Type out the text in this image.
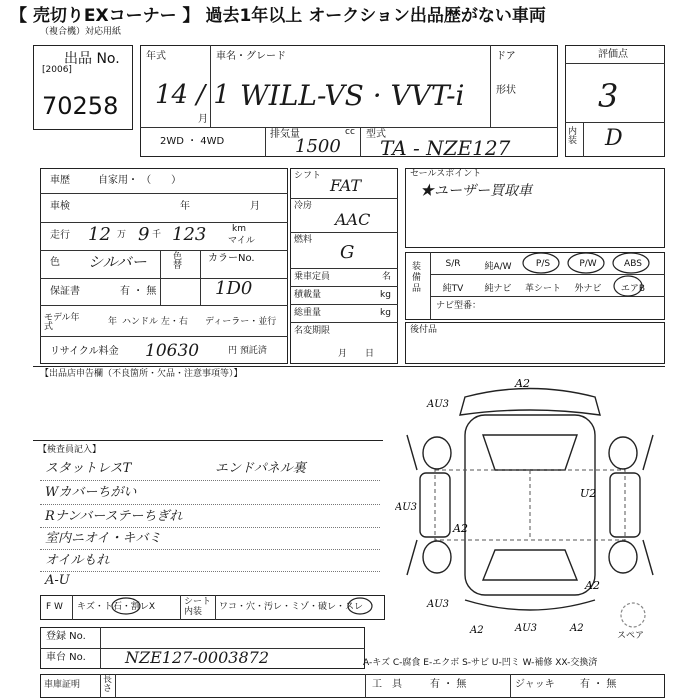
【 売切りEXコーナー 】 過去1年以上 オークション出品歴がない車両
（複合機）対応用紙
出品 No.
[2006]
70258
年式
14 / 1
月
車名・グレード
WILL-VS · VVT-i
ドア
形状
2WD ・ 4WD
排気量	cc
1500
型式
TA - NZE127
評価点
3
内装 D
車歴	自家用・ （　　）
車検	年	月
走行 12 万 9 千 123	km
マイル
色 シルバー	色替
カラーNo.
1D0
保証書	有 ・ 無
モデル年式	年 ハンドル 左・右 ディーラー・並行
リサイクル料金 10630	円 預託済
シフト FAT
冷房
AAC
燃料
G
乗車定員	名
積載量	kg
総重量	kg
名変期限
月　　日
セールスポイント
★ユーザー買取車
装備品
S/R	純A/W	P/S	P/W	ABS
純TV	純ナビ	革シート	外ナビ	エアB
ナビ型番：
後付品
【出品店申告欄（不良箇所・欠品・注意事項等）】
【検査員記入】
スタットレスT
Wカバーちがい
Rナンバーステーちぎれ
室内ニオイ・キバミ
オイルもれ
A-U
エンドパネル裏
A2
AU3
AU3
U2
A2
AU3
A2
A2	AU3	A2
スペア
F W キズ・ト石・割レX	シート内装	ワコ・穴・汚レ・ミゾ・破レ・スレ
登録 No.
車台 No. NZE127-0003872	A-キズ C-腐食 E-エクボ S-サビ U-凹ミ W-補修 XX-交換済
車庫証明	長さ	工　具	有 ・ 無	ジャッキ	有 ・ 無
